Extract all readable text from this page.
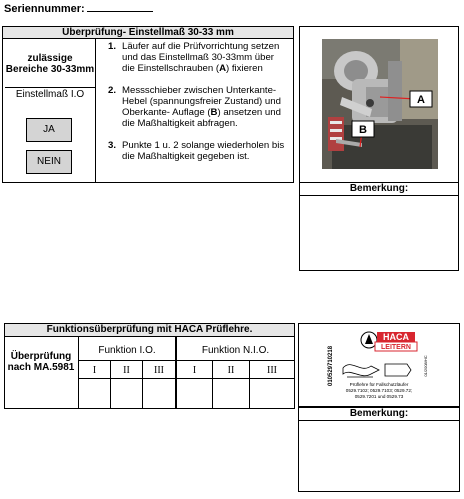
Seriennummer:
Überprüfung- Einstellmaß 30-33 mm
zulässige Bereiche 30-33mm
Einstellmaß I.O
JA
NEIN
1. Läufer auf die Prüfvorrichtung setzen und das Einstellmaß 30-33mm über die Einstellschrauben (A) fixieren
2. Messschieber zwischen Unterkante-Hebel (spannungsfreier Zustand) und Oberkante- Auflage (B) ansetzen und die Maßhaltigkeit abfragen.
3. Punkte 1 u. 2 solange wiederholen bis die Maßhaltigkeit gegeben ist.
A
B
Bemerkung:
Funktionsüberprüfung mit HACA Prüflehre.
Überprüfung nach MA.5981
Funktion I.O.	Funktion N.I.O.
I	II	III	I	II	III	010529710218	01/2008/HC
HACA
LEITERN
Prüflehre für Fallschutzläufer
0529.7102; 0529.7103; 0529.72;
0529.7201 und 0529.73
Bemerkung:
